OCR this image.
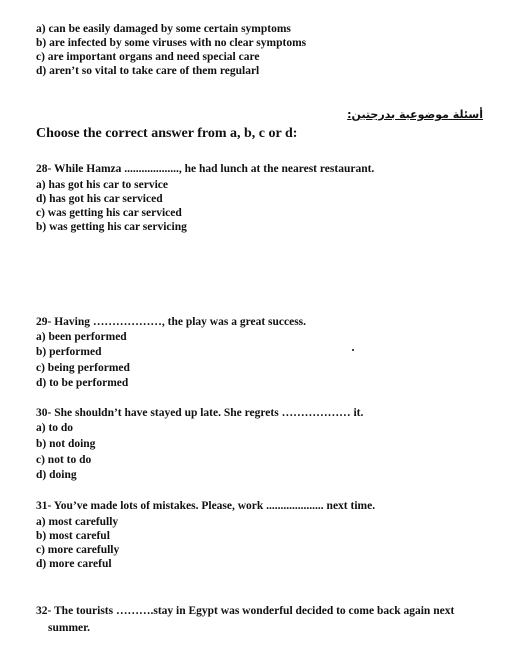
a) can be easily damaged by some certain symptoms
b) are infected by some viruses with no clear symptoms
c) are important organs and need special care
d) aren’t so vital to take care of them regularl
أسئلة موضوعية بدرجتين:
Choose the correct answer from a, b, c or d:
28- While Hamza ..................., he had lunch at the nearest restaurant.
a) has got his car to service
d) has got his car serviced
c) was getting his car serviced
b) was getting his car servicing
29- Having ………………, the play was a great success.
a) been performed
b) performed
c) being performed
d) to be performed
30- She shouldn’t have stayed up late. She regrets ……………… it.
a) to do
b) not doing
c) not to do
d) doing
31- You’ve made lots of mistakes. Please, work .................... next time.
a) most carefully
b) most careful
c) more carefully
d) more careful
32- The tourists ……….stay in Egypt was wonderful decided to come back again next
summer.
